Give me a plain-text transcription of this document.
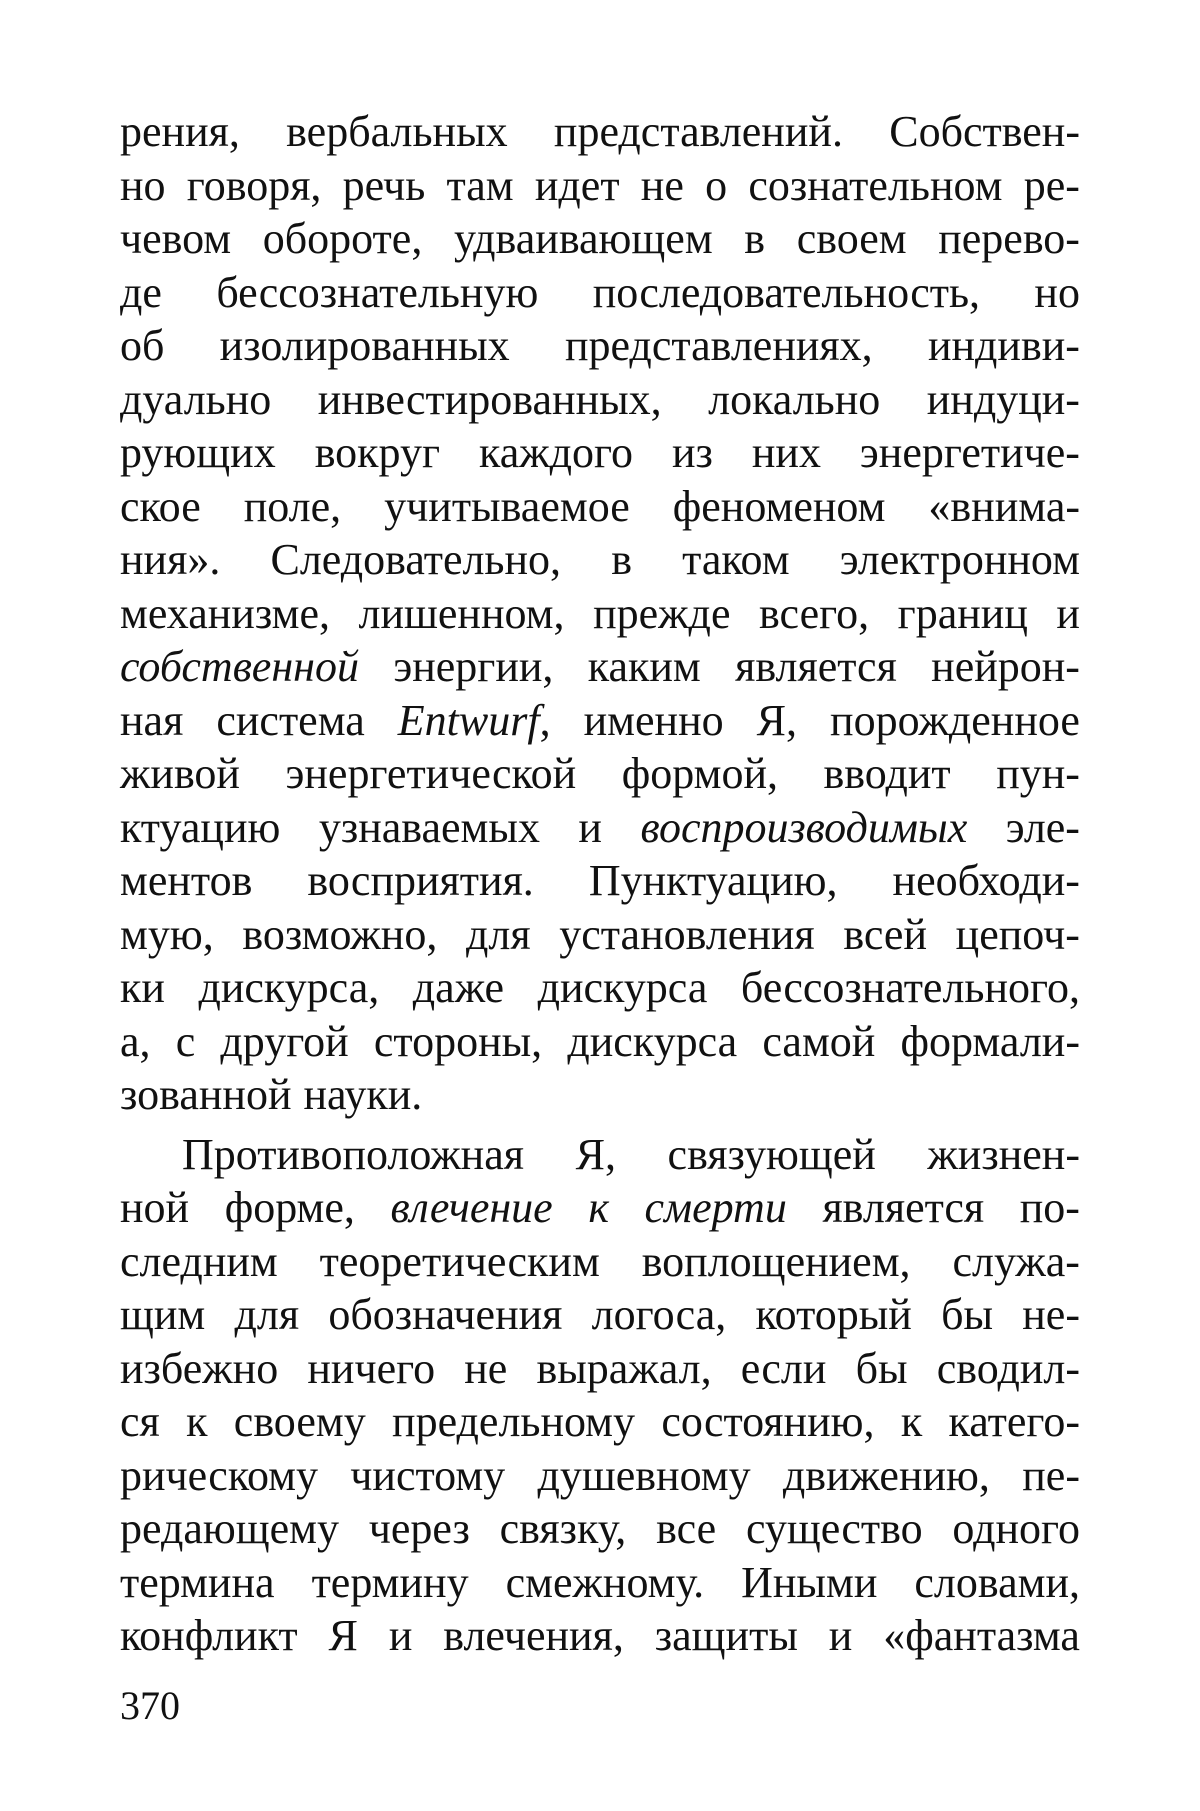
рения, вербальных представлений. Собствен-
но говоря, речь там идет не о сознательном ре-
чевом обороте, удваивающем в своем перево-
де бессознательную последовательность, но
об изолированных представлениях, индиви-
дуально инвестированных, локально индуци-
рующих вокруг каждого из них энергетиче-
ское поле, учитываемое феноменом «внима-
ния». Следовательно, в таком электронном
механизме, лишенном, прежде всего, границ и
собственной энергии, каким является нейрон-
ная система Entwurf, именно Я, порожденное
живой энергетической формой, вводит пун-
ктуацию узнаваемых и воспроизводимых эле-
ментов восприятия. Пунктуацию, необходи-
мую, возможно, для установления всей цепоч-
ки дискурса, даже дискурса бессознательного,
а, с другой стороны, дискурса самой формали-
зованной науки.
Противоположная Я, связующей жизнен-
ной форме, влечение к смерти является по-
следним теоретическим воплощением, служа-
щим для обозначения логоса, который бы не-
избежно ничего не выражал, если бы сводил-
ся к своему предельному состоянию, к катего-
рическому чистому душевному движению, пе-
редающему через связку, все существо одного
термина термину смежному. Иными словами,
конфликт Я и влечения, защиты и «фантазма
370
